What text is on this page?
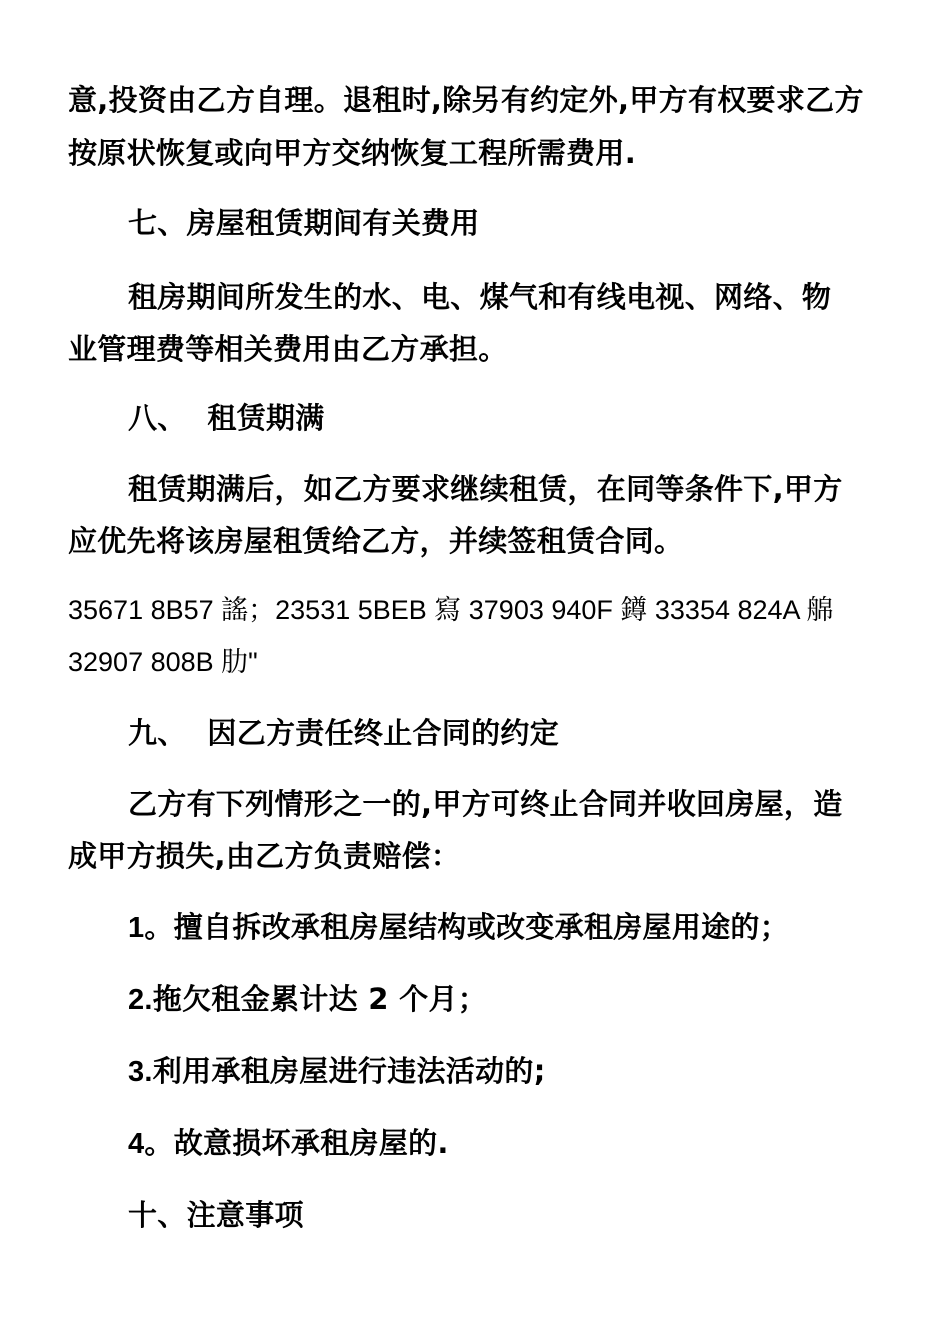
意,投资由乙方自理。退租时,除另有约定外,甲方有权要求乙方
按原状恢复或向甲方交纳恢复工程所需费用.
七、房屋租赁期间有关费用
租房期间所发生的水、电、煤气和有线电视、网络、物
业管理费等相关费用由乙方承担。
八、  租赁期满
租赁期满后，如乙方要求继续租赁，在同等条件下,甲方
应优先将该房屋租赁给乙方，并续签租赁合同。
35671 8B57 謠；23531 5BEB 寫 37903 940F 鐏 33354 824A 艊
32907 808B 肋"
九、  因乙方责任终止合同的约定
乙方有下列情形之一的,甲方可终止合同并收回房屋，造
成甲方损失,由乙方负责赔偿：
1。擅自拆改承租房屋结构或改变承租房屋用途的；
2.拖欠租金累计达 2 个月；
3.利用承租房屋进行违法活动的;
4。故意损坏承租房屋的.
十、注意事项
